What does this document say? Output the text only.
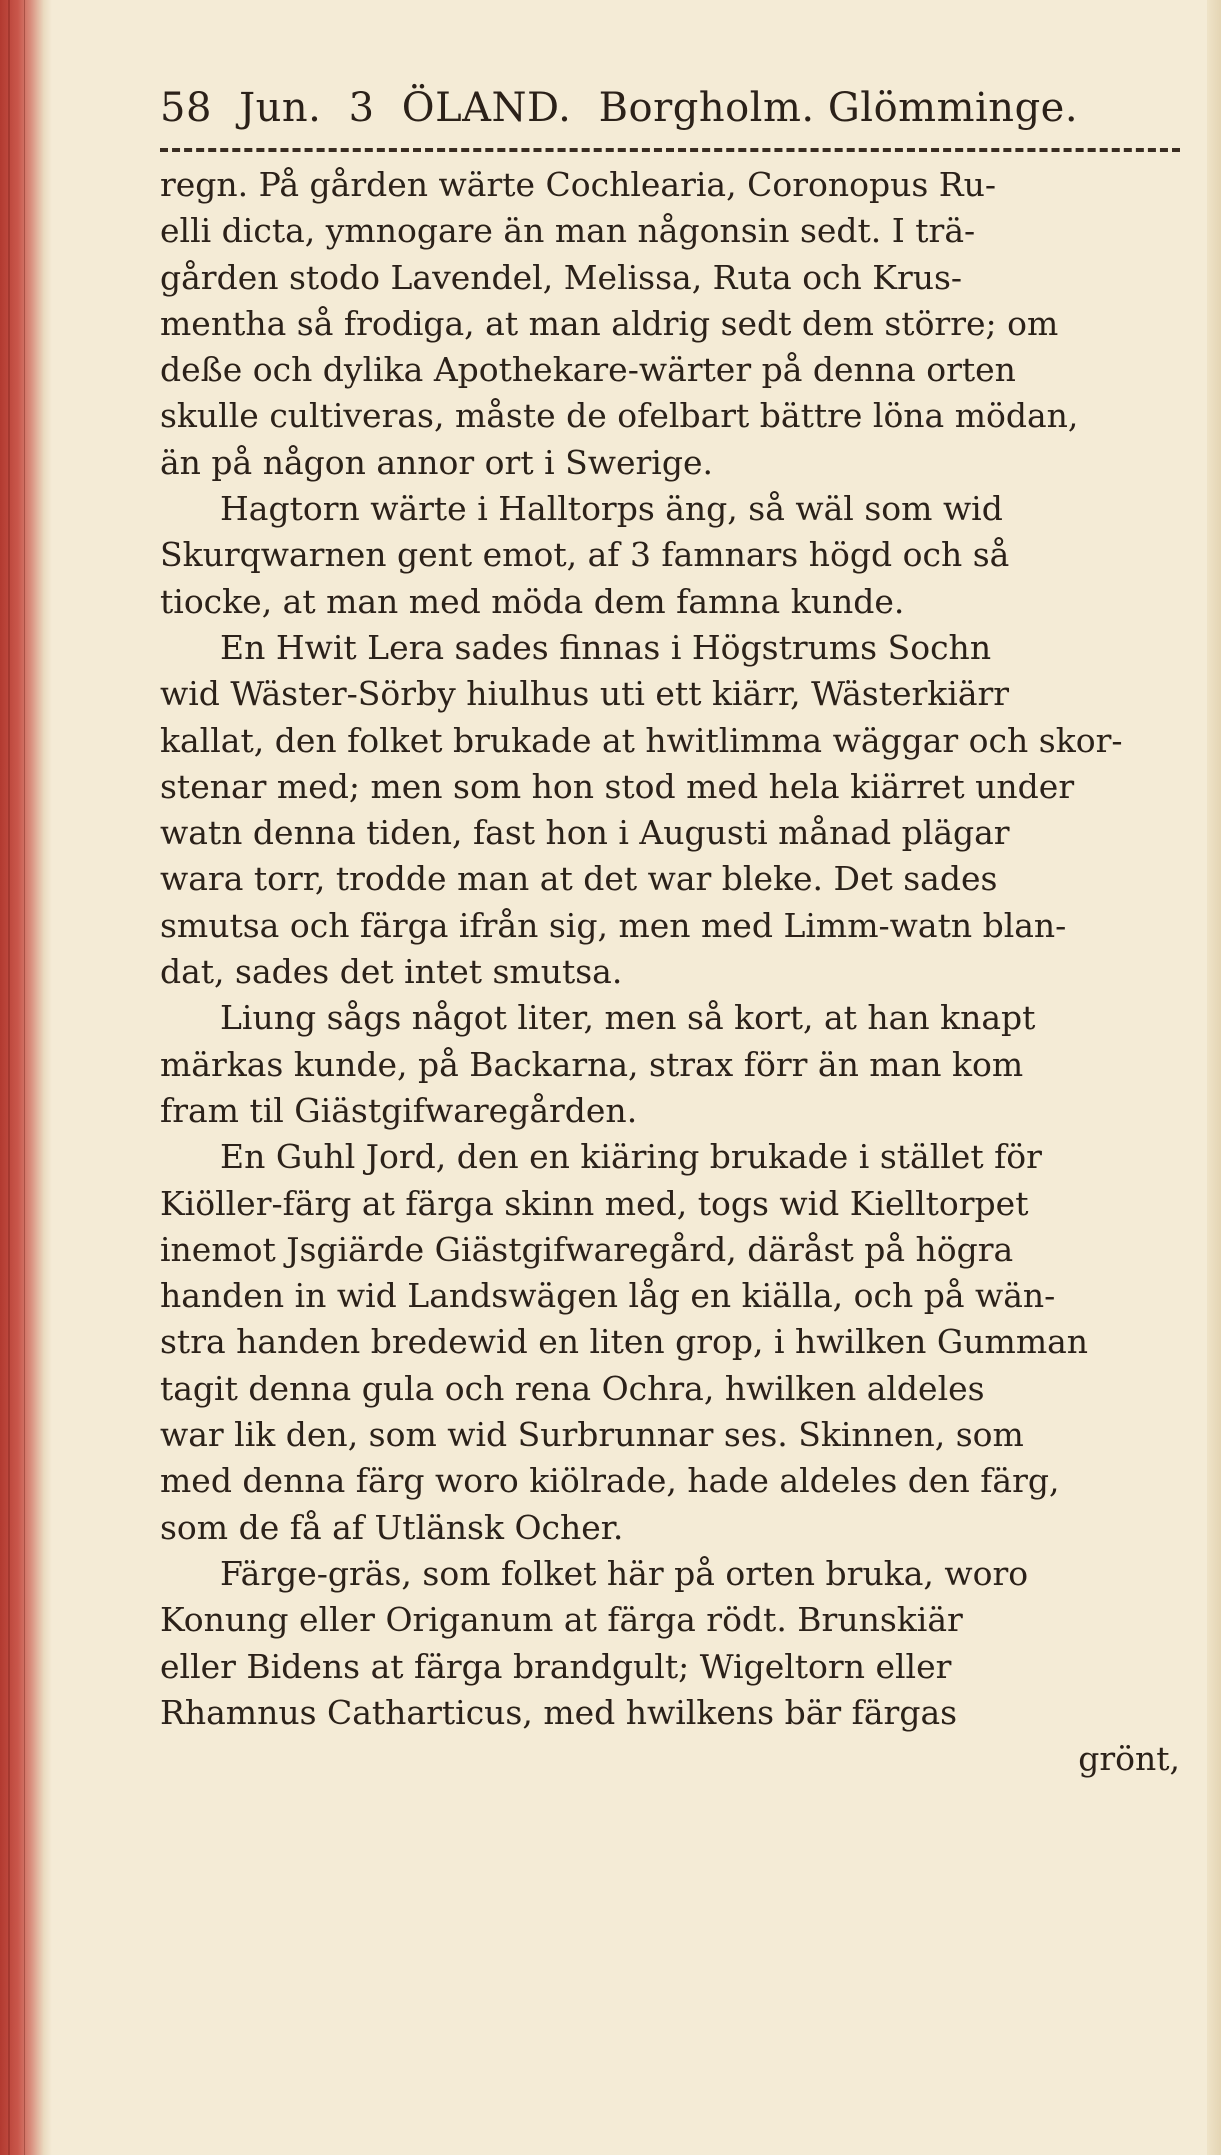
58 Jun. 3 ÖLAND. Borgholm. Glömminge.
regn. På gården wärte Cochlearia, Coronopus Ru-
elli dicta, ymnogare än man någonsin sedt. I trä-
gården stodo Lavendel, Melissa, Ruta och Krus-
mentha så frodiga, at man aldrig sedt dem större; om
deße och dylika Apothekare-wärter på denna orten
skulle cultiveras, måste de ofelbart bättre löna mödan,
än på någon annor ort i Swerige.
Hagtorn wärte i Halltorps äng, så wäl som wid
Skurqwarnen gent emot, af 3 famnars högd och så
tiocke, at man med möda dem famna kunde.
En Hwit Lera sades finnas i Högstrums Sochn
wid Wäster-Sörby hiulhus uti ett kiärr, Wästerkiärr
kallat, den folket brukade at hwitlimma wäggar och skor-
stenar med; men som hon stod med hela kiärret under
watn denna tiden, fast hon i Augusti månad plägar
wara torr, trodde man at det war bleke. Det sades
smutsa och färga ifrån sig, men med Limm-watn blan-
dat, sades det intet smutsa.
Liung sågs något liter, men så kort, at han knapt
märkas kunde, på Backarna, strax förr än man kom
fram til Giästgifwaregården.
En Guhl Jord, den en kiäring brukade i stället för
Kiöller-färg at färga skinn med, togs wid Kielltorpet
inemot Jsgiärde Giästgifwaregård, däråst på högra
handen in wid Landswägen låg en kiälla, och på wän-
stra handen bredewid en liten grop, i hwilken Gumman
tagit denna gula och rena Ochra, hwilken aldeles
war lik den, som wid Surbrunnar ses. Skinnen, som
med denna färg woro kiölrade, hade aldeles den färg,
som de få af Utlänsk Ocher.
Färge-gräs, som folket här på orten bruka, woro
Konung eller Origanum at färga rödt. Brunskiär
eller Bidens at färga brandgult; Wigeltorn eller
Rhamnus Catharticus, med hwilkens bär färgas
grönt,
